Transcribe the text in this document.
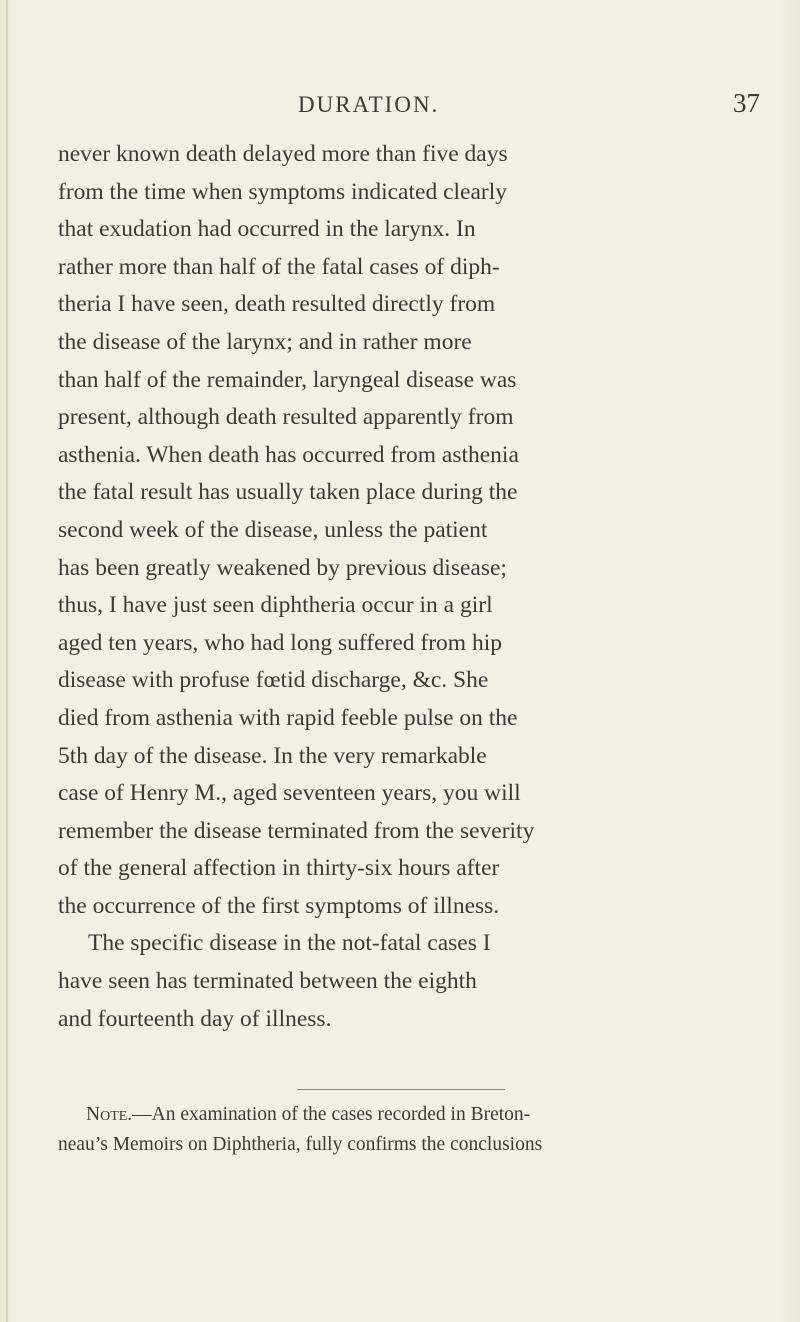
DURATION.	37
never known death delayed more than five days
from the time when symptoms indicated clearly
that exudation had occurred in the larynx. In
rather more than half of the fatal cases of diph-
theria I have seen, death resulted directly from
the disease of the larynx; and in rather more
than half of the remainder, laryngeal disease was
present, although death resulted apparently from
asthenia. When death has occurred from asthenia
the fatal result has usually taken place during the
second week of the disease, unless the patient
has been greatly weakened by previous disease;
thus, I have just seen diphtheria occur in a girl
aged ten years, who had long suffered from hip
disease with profuse fœtid discharge, &c. She
died from asthenia with rapid feeble pulse on the
5th day of the disease. In the very remarkable
case of Henry M., aged seventeen years, you will
remember the disease terminated from the severity
of the general affection in thirty-six hours after
the occurrence of the first symptoms of illness.
The specific disease in the not-fatal cases I
have seen has terminated between the eighth
and fourteenth day of illness.
Note.—An examination of the cases recorded in Breton-
neau’s Memoirs on Diphtheria, fully confirms the conclusions
